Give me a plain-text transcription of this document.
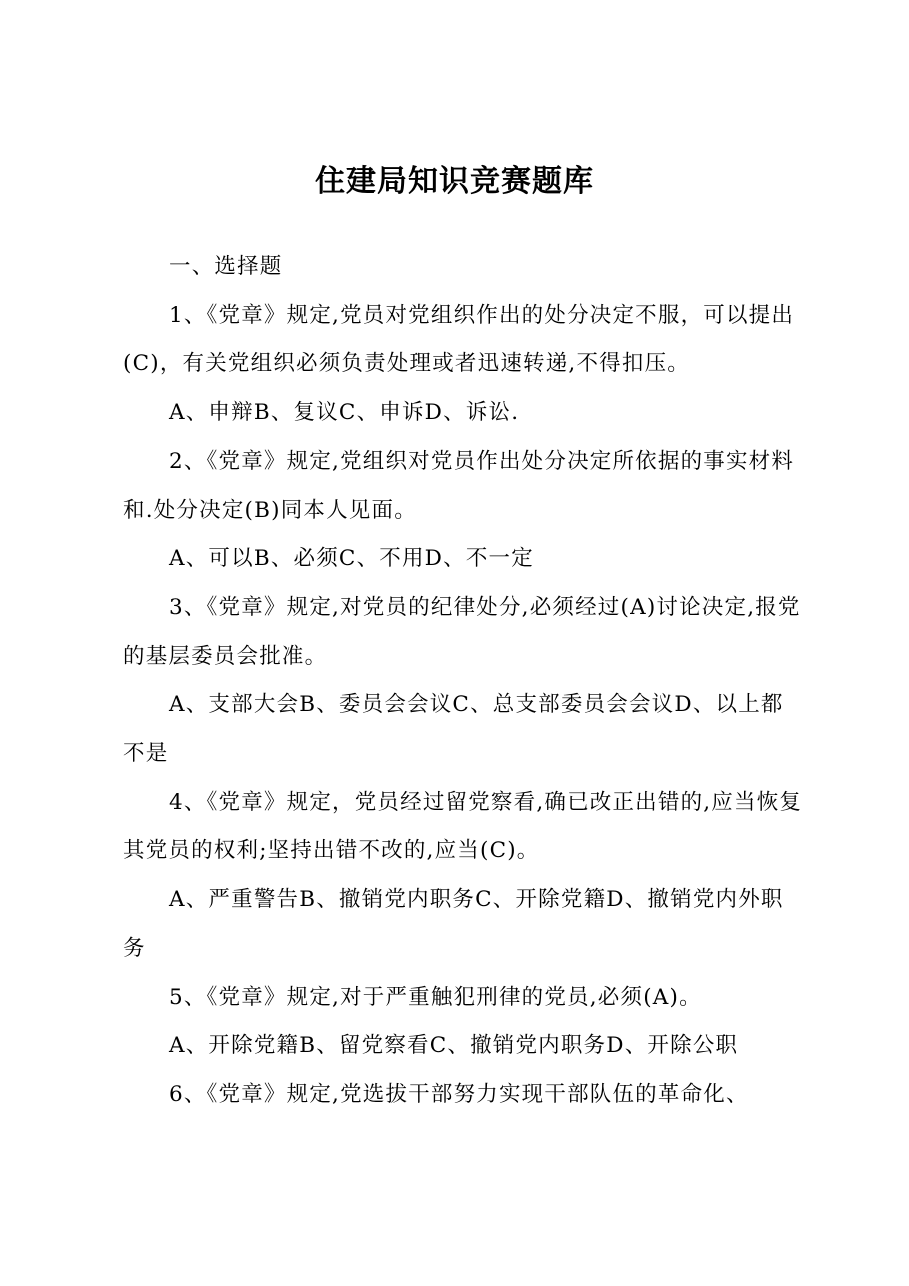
住建局知识竞赛题库

一、选择题

1、《党章》规定,党员对党组织作出的处分决定不服，可以提出(C)，有关党组织必须负责处理或者迅速转递,不得扣压。

A、申辩B、复议C、申诉D、诉讼.

2、《党章》规定,党组织对党员作出处分决定所依据的事实材料和.处分决定(B)同本人见面。

A、可以B、必须C、不用D、不一定

3、《党章》规定,对党员的纪律处分,必须经过(A)讨论决定,报党的基层委员会批准。

A、支部大会B、委员会会议C、总支部委员会会议D、以上都不是

4、《党章》规定，党员经过留党察看,确已改正出错的,应当恢复其党员的权利;坚持出错不改的,应当(C)。

A、严重警告B、撤销党内职务C、开除党籍D、撤销党内外职务

5、《党章》规定,对于严重触犯刑律的党员,必须(A)。

A、开除党籍B、留党察看C、撤销党内职务D、开除公职

6、《党章》规定,党选拔干部努力实现干部队伍的革命化、
